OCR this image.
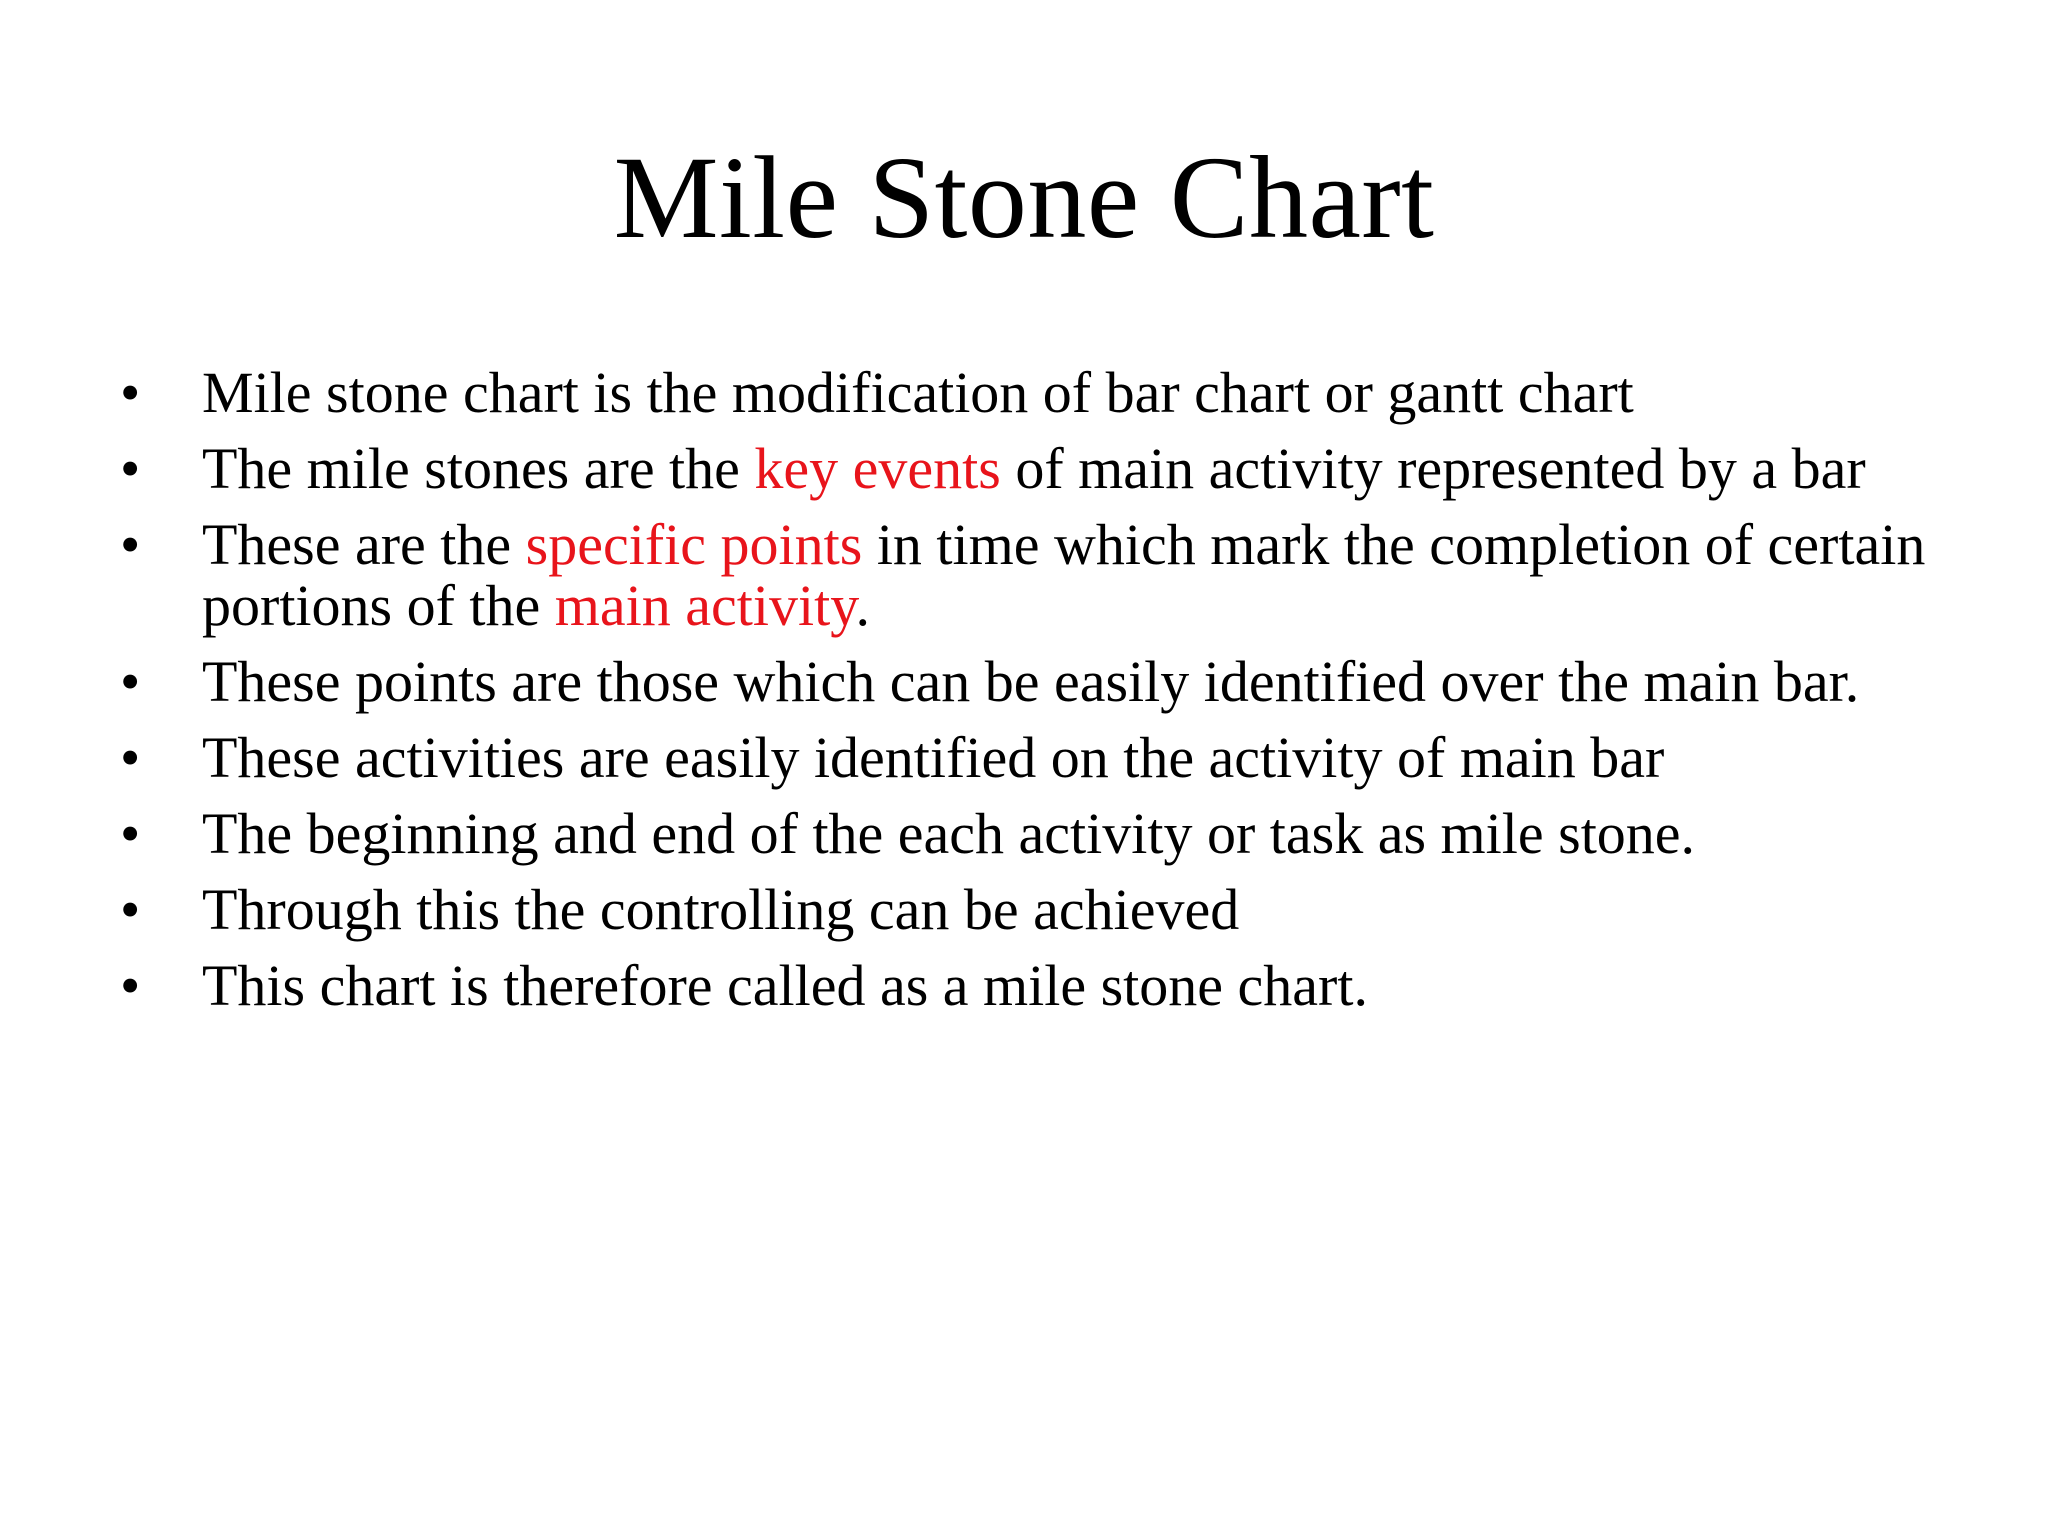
Mile Stone Chart
•	Mile stone chart is the modification of bar chart or gantt chart
•	The mile stones are the key events of main activity represented by a bar
•	These are the specific points in time which mark the completion of certain portions of the main activity.
•	These points are those which can be easily identified over the main bar.
•	These activities are easily identified on the activity of main bar
•	The beginning and end of the each activity or task as mile stone.
•	Through this the controlling can be achieved
•	This chart is therefore called as a mile stone chart.
